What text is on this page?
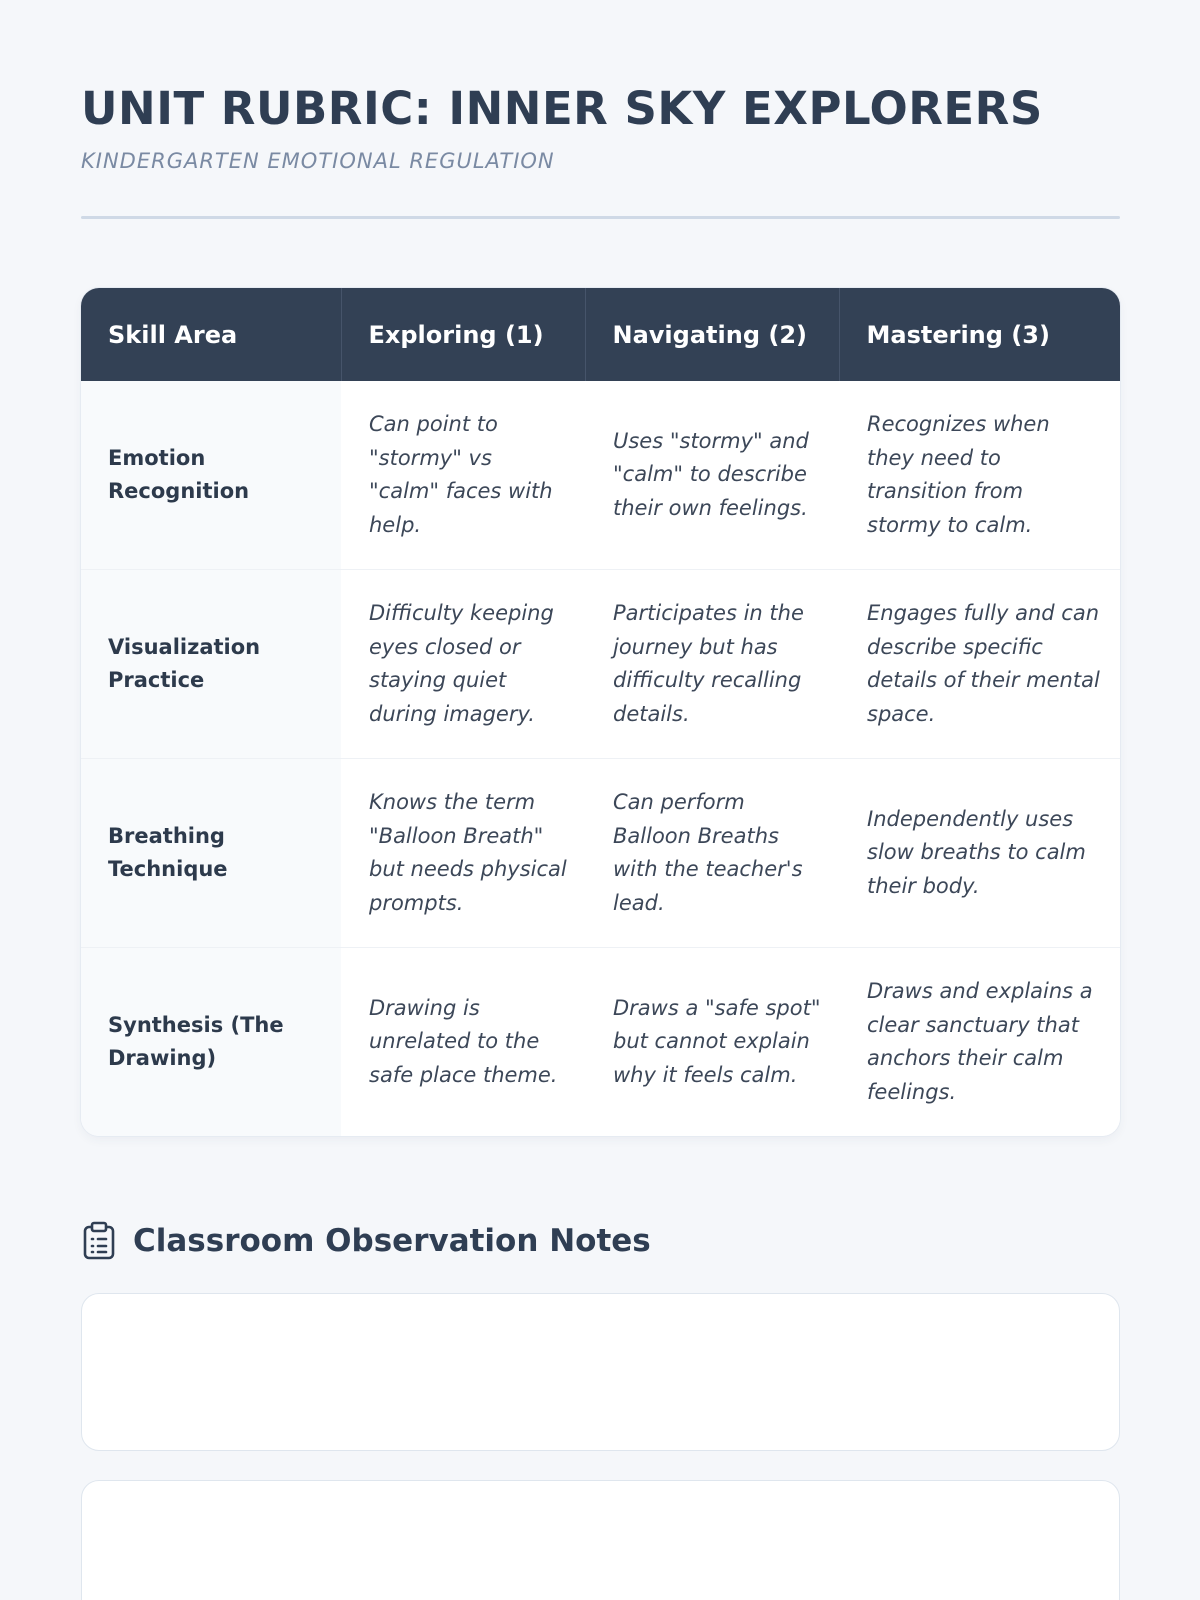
UNIT RUBRIC: INNER SKY EXPLORERS
KINDERGARTEN EMOTIONAL REGULATION
Skill Area	Exploring (1)	Navigating (2)	Mastering (3)
Emotion Recognition	Can point to "stormy" vs "calm" faces with help.	Uses "stormy" and "calm" to describe their own feelings.	Recognizes when they need to transition from stormy to calm.
Visualization Practice	Difficulty keeping eyes closed or staying quiet during imagery.	Participates in the journey but has difficulty recalling details.	Engages fully and can describe specific details of their mental space.
Breathing Technique	Knows the term "Balloon Breath" but needs physical prompts.	Can perform Balloon Breaths with the teacher's lead.	Independently uses slow breaths to calm their body.
Synthesis (The Drawing)	Drawing is unrelated to the safe place theme.	Draws a "safe spot" but cannot explain why it feels calm.	Draws and explains a clear sanctuary that anchors their calm feelings.
Classroom Observation Notes
